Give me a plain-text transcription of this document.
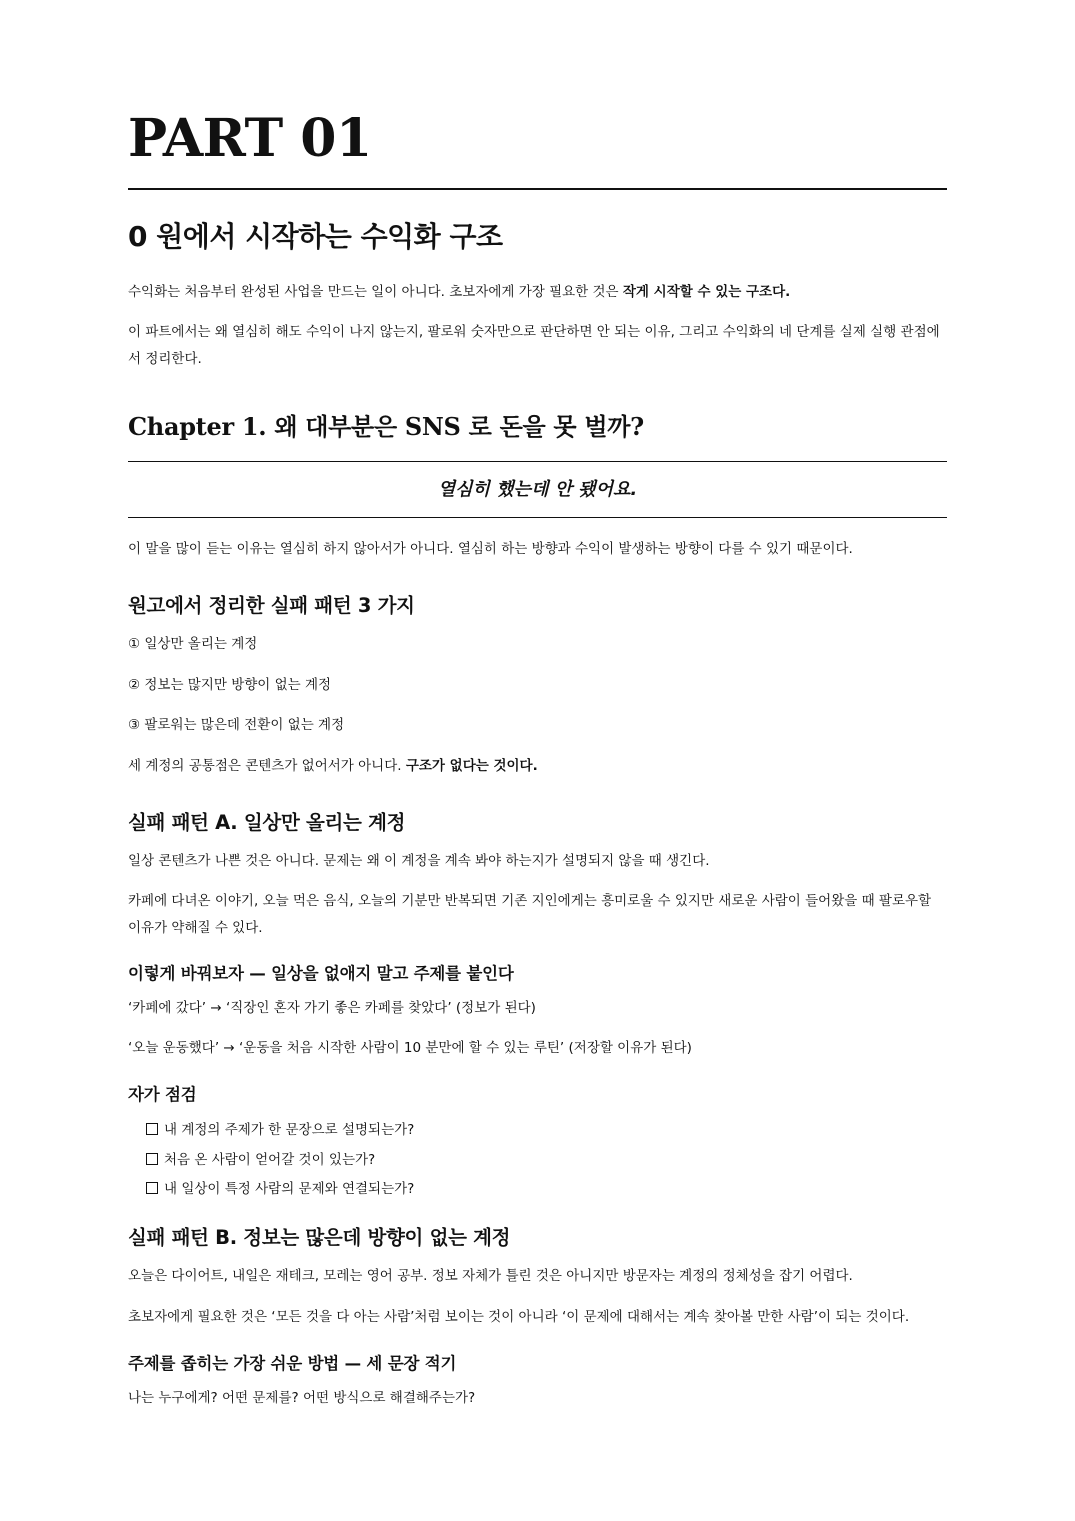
PART 01
0 원에서 시작하는 수익화 구조

수익화는 처음부터 완성된 사업을 만드는 일이 아니다. 초보자에게 가장 필요한 것은 작게 시작할 수 있는 구조다.

이 파트에서는 왜 열심히 해도 수익이 나지 않는지, 팔로워 숫자만으로 판단하면 안 되는 이유, 그리고 수익화의 네 단계를 실제 실행 관점에서 정리한다.

Chapter 1. 왜 대부분은 SNS 로 돈을 못 벌까?

열심히 했는데 안 됐어요.

이 말을 많이 듣는 이유는 열심히 하지 않아서가 아니다. 열심히 하는 방향과 수익이 발생하는 방향이 다를 수 있기 때문이다.

원고에서 정리한 실패 패턴 3 가지

① 일상만 올리는 계정

② 정보는 많지만 방향이 없는 계정

③ 팔로워는 많은데 전환이 없는 계정

세 계정의 공통점은 콘텐츠가 없어서가 아니다. 구조가 없다는 것이다.

실패 패턴 A. 일상만 올리는 계정

일상 콘텐츠가 나쁜 것은 아니다. 문제는 왜 이 계정을 계속 봐야 하는지가 설명되지 않을 때 생긴다.

카페에 다녀온 이야기, 오늘 먹은 음식, 오늘의 기분만 반복되면 기존 지인에게는 흥미로울 수 있지만 새로운 사람이 들어왔을 때 팔로우할 이유가 약해질 수 있다.

이렇게 바꿔보자 — 일상을 없애지 말고 주제를 붙인다

‘카페에 갔다’ → ‘직장인 혼자 가기 좋은 카페를 찾았다’ (정보가 된다)

‘오늘 운동했다’ → ‘운동을 처음 시작한 사람이 10 분만에 할 수 있는 루틴’ (저장할 이유가 된다)

자가 점검

내 계정의 주제가 한 문장으로 설명되는가?

처음 온 사람이 얻어갈 것이 있는가?

내 일상이 특정 사람의 문제와 연결되는가?

실패 패턴 B. 정보는 많은데 방향이 없는 계정

오늘은 다이어트, 내일은 재테크, 모레는 영어 공부. 정보 자체가 틀린 것은 아니지만 방문자는 계정의 정체성을 잡기 어렵다.

초보자에게 필요한 것은 ‘모든 것을 다 아는 사람’처럼 보이는 것이 아니라 ‘이 문제에 대해서는 계속 찾아볼 만한 사람’이 되는 것이다.

주제를 좁히는 가장 쉬운 방법 — 세 문장 적기

나는 누구에게? 어떤 문제를? 어떤 방식으로 해결해주는가?
